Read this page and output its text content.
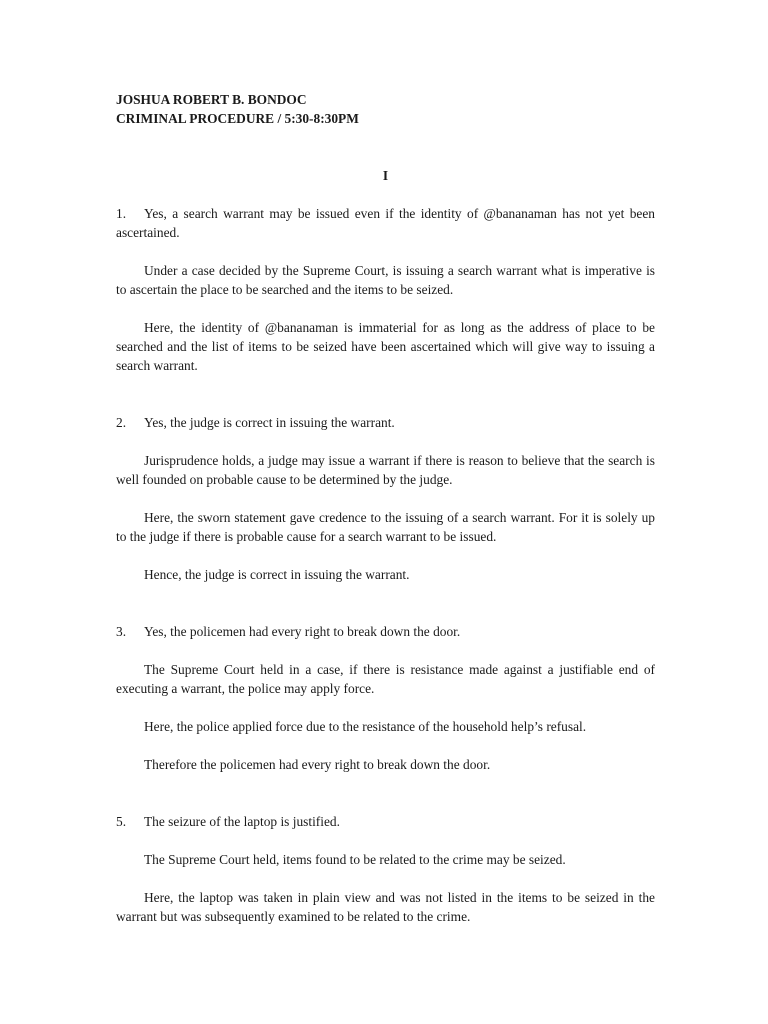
JOSHUA ROBERT B. BONDOC

CRIMINAL PROCEDURE / 5:30-8:30PM

I

1. Yes, a search warrant may be issued even if the identity of @bananaman has not yet been ascertained.

Under a case decided by the Supreme Court, is issuing a search warrant what is imperative is to ascertain the place to be searched and the items to be seized.

Here, the identity of @bananaman is immaterial for as long as the address of place to be searched and the list of items to be seized have been ascertained which will give way to issuing a search warrant.

2. Yes, the judge is correct in issuing the warrant.

Jurisprudence holds, a judge may issue a warrant if there is reason to believe that the search is well founded on probable cause to be determined by the judge.

Here, the sworn statement gave credence to the issuing of a search warrant. For it is solely up to the judge if there is probable cause for a search warrant to be issued.

Hence, the judge is correct in issuing the warrant.

3. Yes, the policemen had every right to break down the door.

The Supreme Court held in a case, if there is resistance made against a justifiable end of executing a warrant, the police may apply force.

Here, the police applied force due to the resistance of the household help’s refusal.

Therefore the policemen had every right to break down the door.

5. The seizure of the laptop is justified.

The Supreme Court held, items found to be related to the crime may be seized.

Here, the laptop was taken in plain view and was not listed in the items to be seized in the warrant but was subsequently examined to be related to the crime.
